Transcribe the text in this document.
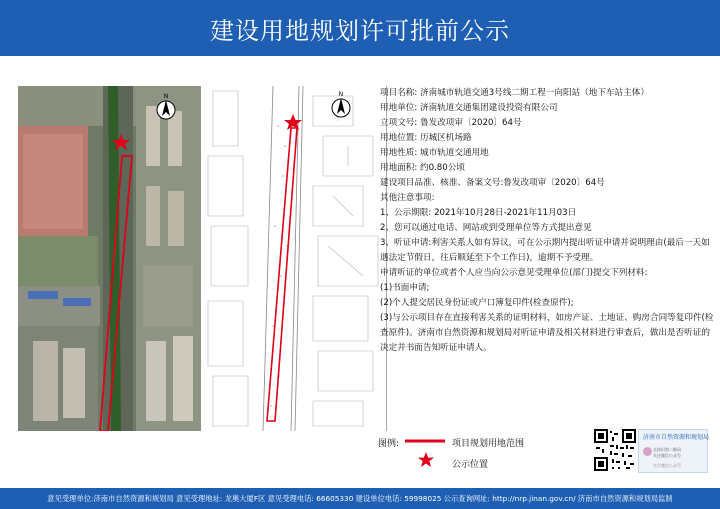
建设用地规划许可批前公示
N	N	项目名称: 济南城市轨道交通3号线二期工程一向阳站（地下车站主体）
用地单位: 济南轨道交通集团建设投资有限公司
立项文号: 鲁发改项审〔2020〕64号
用地位置: 历城区机场路
用地性质: 城市轨道交通用地
用地面积: 约0.80公顷
建设项目品准、核准、备案文号:鲁发改项审〔2020〕64号
其他注意事项:
1、公示期限: 2021年10月28日-2021年11月03日
2、您可以通过电话、网站或到受理单位等方式提出意见
3、听证申请:利害关系人如有异议，可在公示期内提出听证申请并说明理由(最后一天如遇法定节假日，往后顺延至下个工作日)，逾期不予受理。
申请听证的单位或者个人应当向公示意见受理单位(部门)提交下列材料:
(1)书面申请;
(2)个人提交居民身份证或户口簿复印件(检查原件);
(3)与公示项目存在直接利害关系的证明材料，如房产证、土地证、购房合同等复印件(检查原件)。济南市自然资源和规划局对听证申请及相关材料进行审查后，做出是否听证的决定并书面告知听证申请人。
图例:	项目规划用地范围
公示位置
济南市自然资源和规划局
长按识别二维码
关注微信公众号
官方微信公众号
意见受理单位:济南市自然资源和规划局 意见受理地址: 龙奥大厦F区 意见受理电话: 66605330 建设单位电话: 59998025 公示查询网址: http://nrp.jinan.gov.cn/ 济南市自然资源和规划局监制
